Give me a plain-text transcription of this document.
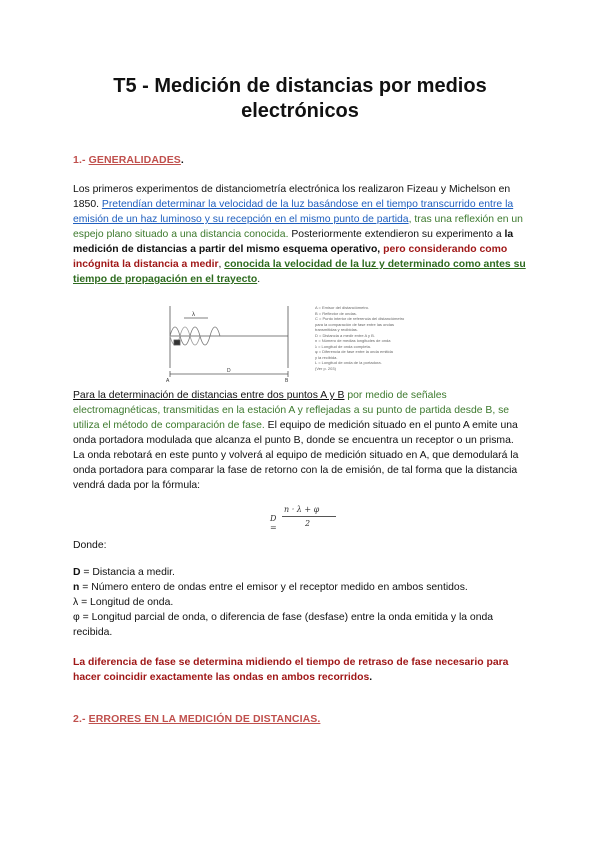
T5 - Medición de distancias por medios
electrónicos

1.- GENERALIDADES.

Los primeros experimentos de distanciometría electrónica los realizaron Fizeau y Michelson en 1850. Pretendían determinar la velocidad de la luz basándose en el tiempo transcurrido entre la emisión de un haz luminoso y su recepción en el mismo punto de partida, tras una reflexión en un espejo plano situado a una distancia conocida. Posteriormente extendieron su experimento a la medición de distancias a partir del mismo esquema operativo, pero considerando como incógnita la distancia a medir, conocida la velocidad de la luz y determinado como antes su tiempo de propagación en el trayecto.

A	B
λ
D
A = Emisor del distanciómetro.
B = Reflector de ondas.
C = Punto interior de referencia del distanciómetro
para la comparación de fase entre las ondas
transmitidas y recibidas.
D = Distancia a medir entre A y B.
n = Número de medias longitudes de onda
λ = Longitud de onda completa.
φ = Diferencia de fase entre la onda emitida
y la recibida.
L = Longitud de onda de la portadora.
(Ver p. 203)

Para la determinación de distancias entre dos puntos A y B por medio de señales electromagnéticas, transmitidas en la estación A y reflejadas a su punto de partida desde B, se utiliza el método de comparación de fase. El equipo de medición situado en el punto A emite una onda portadora modulada que alcanza el punto B, donde se encuentra un receptor o un prisma. La onda rebotará en este punto y volverá al equipo de medición situado en A, que demodulará la onda portadora para comparar la fase de retorno con la de emisión, de tal forma que la distancia vendrá dada por la fórmula:

D =
n · λ + φ
2

Donde:

D = Distancia a medir.
n = Número entero de ondas entre el emisor y el receptor medido en ambos sentidos.
λ = Longitud de onda.
φ = Longitud parcial de onda, o diferencia de fase (desfase) entre la onda emitida y la onda recibida.

La diferencia de fase se determina midiendo el tiempo de retraso de fase necesario para hacer coincidir exactamente las ondas en ambos recorridos.

2.- ERRORES EN LA MEDICIÓN DE DISTANCIAS.
